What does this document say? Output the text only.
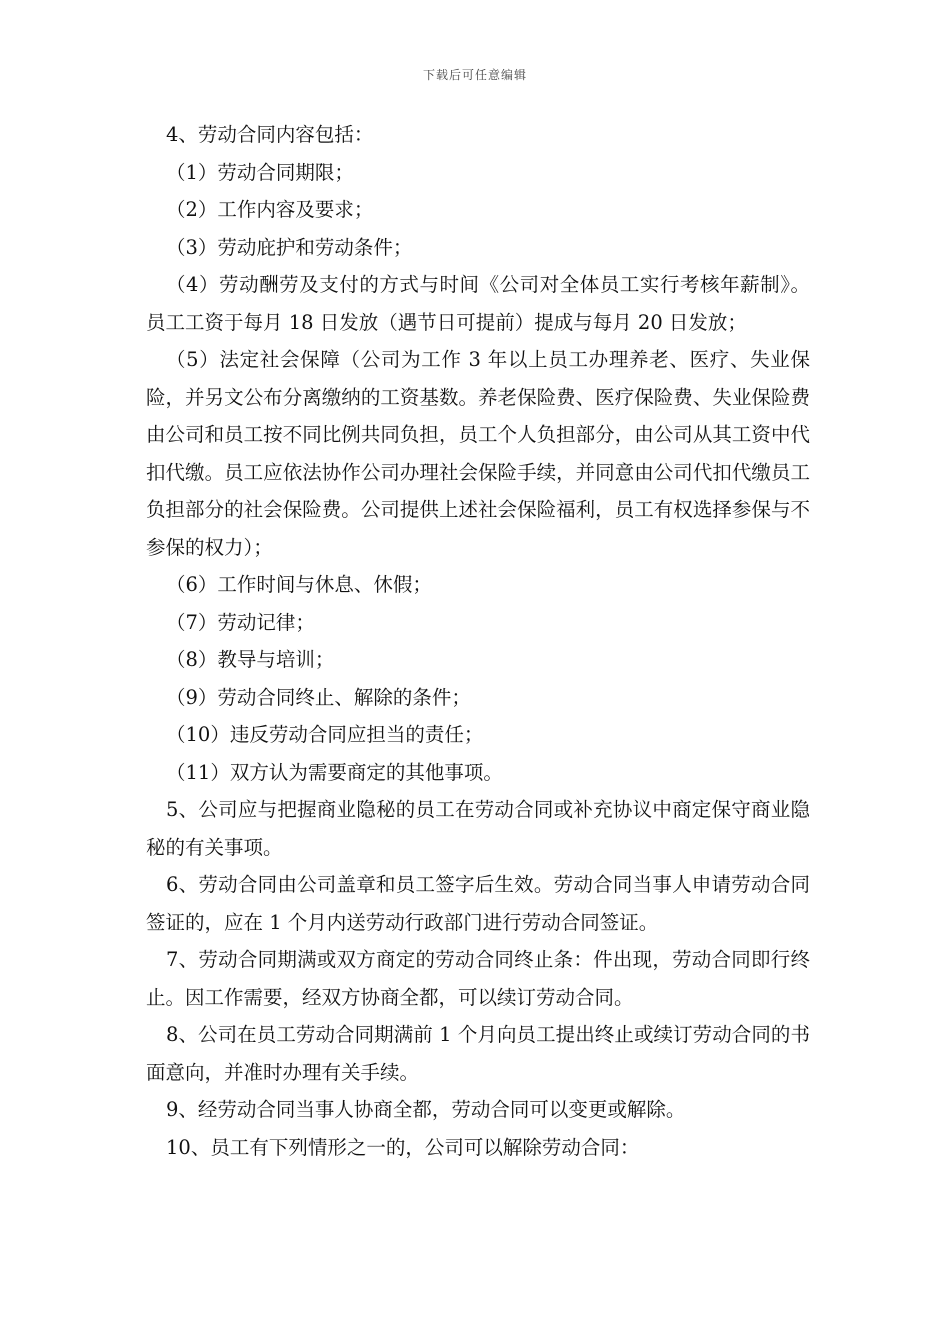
下载后可任意编辑

4、劳动合同内容包括：

（1）劳动合同期限；

（2）工作内容及要求；

（3）劳动庇护和劳动条件；

（4）劳动酬劳及支付的方式与时间《公司对全体员工实行考核年薪制》。员工工资于每月 18 日发放（遇节日可提前）提成与每月 20 日发放；

（5）法定社会保障（公司为工作 3 年以上员工办理养老、医疗、失业保险，并另文公布分离缴纳的工资基数。养老保险费、医疗保险费、失业保险费由公司和员工按不同比例共同负担，员工个人负担部分，由公司从其工资中代扣代缴。员工应依法协作公司办理社会保险手续，并同意由公司代扣代缴员工负担部分的社会保险费。公司提供上述社会保险福利，员工有权选择参保与不参保的权力）；

（6）工作时间与休息、休假；

（7）劳动记律；

（8）教导与培训；

（9）劳动合同终止、解除的条件；

（10）违反劳动合同应担当的责任；

（11）双方认为需要商定的其他事项。

5、公司应与把握商业隐秘的员工在劳动合同或补充协议中商定保守商业隐秘的有关事项。

6、劳动合同由公司盖章和员工签字后生效。劳动合同当事人申请劳动合同签证的，应在 1 个月内送劳动行政部门进行劳动合同签证。

7、劳动合同期满或双方商定的劳动合同终止条：件出现，劳动合同即行终止。因工作需要，经双方协商全都，可以续订劳动合同。

8、公司在员工劳动合同期满前 1 个月向员工提出终止或续订劳动合同的书面意向，并准时办理有关手续。

9、经劳动合同当事人协商全都，劳动合同可以变更或解除。

10、员工有下列情形之一的，公司可以解除劳动合同：
